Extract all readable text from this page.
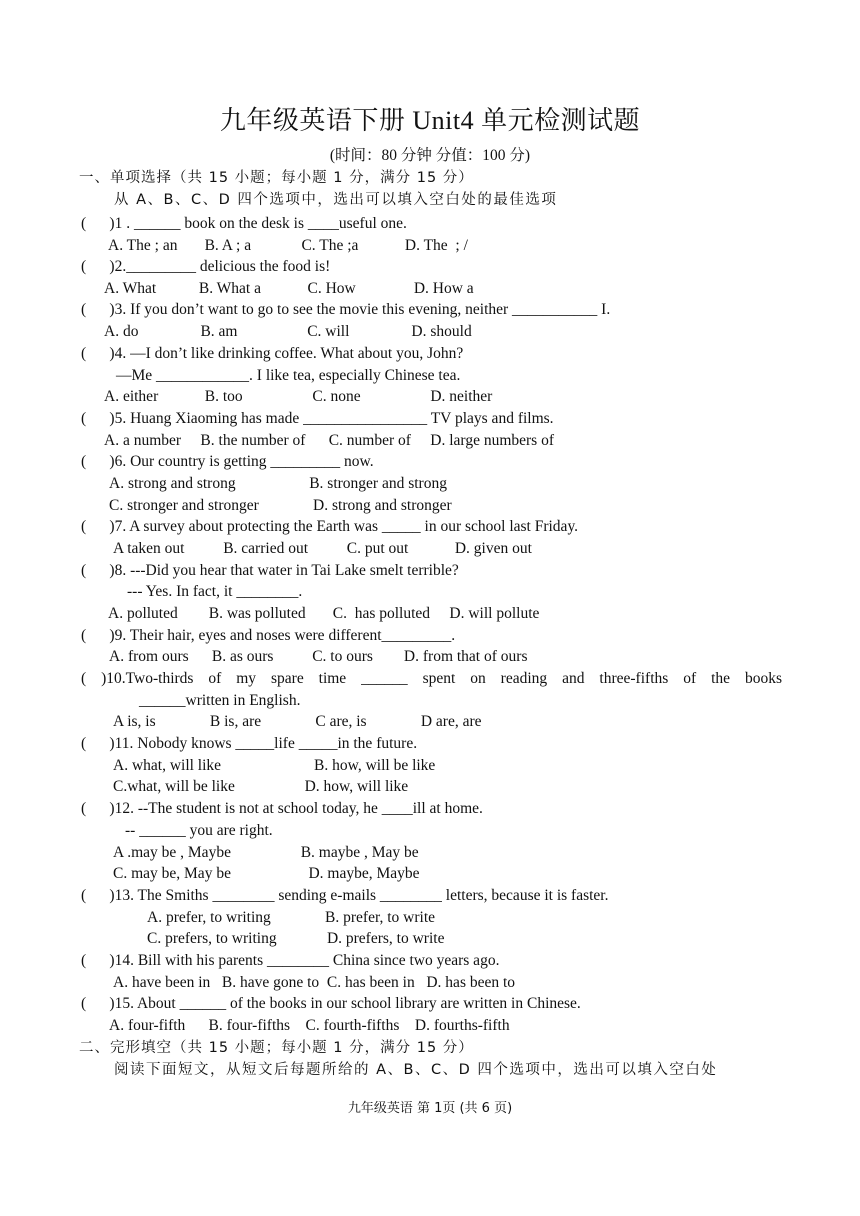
九年级英语下册 Unit4 单元检测试题
(时间：80 分钟 分值：100 分)
一、单项选择（共 15 小题；每小题 1 分，满分 15 分）
从 A、B、C、D 四个选项中，选出可以填入空白处的最佳选项
(      )1 . ______ book on the desk is ____useful one.
A. The ; an       B. A ; a             C. The ;a            D. The  ; /
(      )2._________ delicious the food is!
A. What           B. What a            C. How               D. How a
(      )3. If you don’t want to go to see the movie this evening, neither ___________ I.
A. do                B. am                  C. will                D. should
(      )4. —I don’t like drinking coffee. What about you, John?
—Me ____________. I like tea, especially Chinese tea.
A. either            B. too                  C. none                  D. neither
(      )5. Huang Xiaoming has made ________________ TV plays and films.
A. a number     B. the number of      C. number of     D. large numbers of
(      )6. Our country is getting _________ now.
A. strong and strong                   B. stronger and strong
C. stronger and stronger              D. strong and stronger
(      )7. A survey about protecting the Earth was _____ in our school last Friday.
A taken out          B. carried out          C. put out            D. given out
(      )8. ---Did you hear that water in Tai Lake smelt terrible?
--- Yes. In fact, it ________.
A. polluted        B. was polluted       C.  has polluted     D. will pollute
(      )9. Their hair, eyes and noses were different_________.
A. from ours      B. as ours          C. to ours        D. from that of ours
( )10.Two-thirds of my spare time ______ spent on reading and three-fifths of the books
______written in English.
A is, is              B is, are              C are, is              D are, are
(      )11. Nobody knows _____life _____in the future.
A. what, will like                        B. how, will be like
C.what, will be like                  D. how, will like
(      )12. --The student is not at school today, he ____ill at home.
-- ______ you are right.
A .may be , Maybe                  B. maybe , May be
C. may be, May be                    D. maybe, Maybe
(      )13. The Smiths ________ sending e-mails ________ letters, because it is faster.
A. prefer, to writing              B. prefer, to write
C. prefers, to writing             D. prefers, to write
(      )14. Bill with his parents ________ China since two years ago.
A. have been in   B. have gone to  C. has been in   D. has been to
(      )15. About ______ of the books in our school library are written in Chinese.
A. four-fifth      B. four-fifths    C. fourth-fifths    D. fourths-fifth
二、完形填空（共 15 小题；每小题 1 分，满分 15 分）
阅读下面短文，从短文后每题所给的 A、B、C、D 四个选项中，选出可以填入空白处
九年级英语 第 1页 (共 6 页)
